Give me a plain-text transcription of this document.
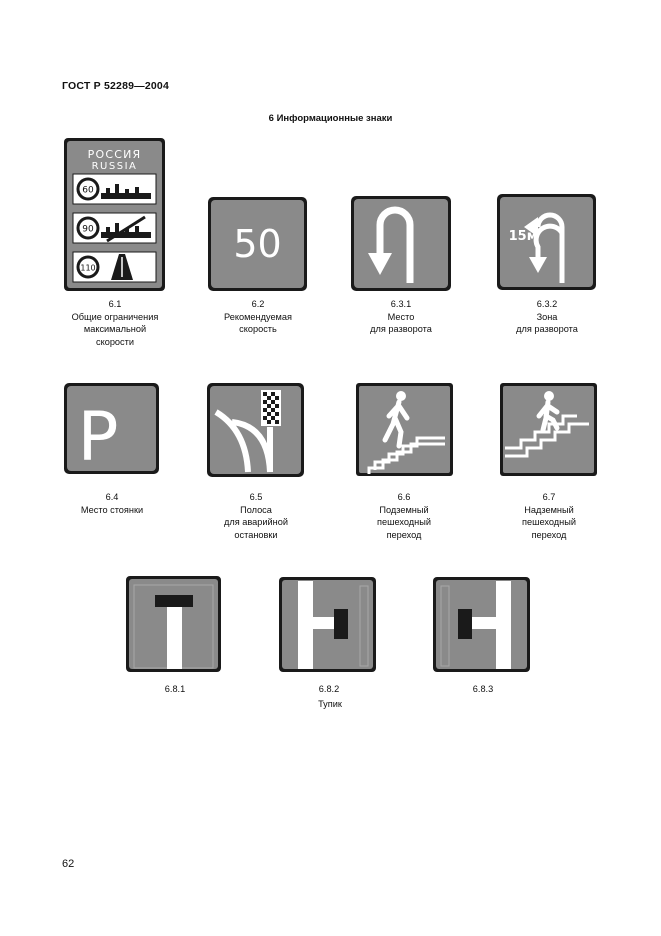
ГОСТ Р 52289—2004
6 Информационные знаки
РОССИЯ
RUSSIA
60
90
110
50	15м
6.1
Общие ограничения
максимальной
скорости
6.2
Рекомендуемая
скорость
6.3.1
Место
для разворота
6.3.2
Зона
для разворота
P
6.4
Место стоянки
6.5
Полоса
для аварийной
остановки
6.6
Подземный
пешеходный
переход
6.7
Надземный
пешеходный
переход
6.8.1	6.8.2	6.8.3
Тупик
62
